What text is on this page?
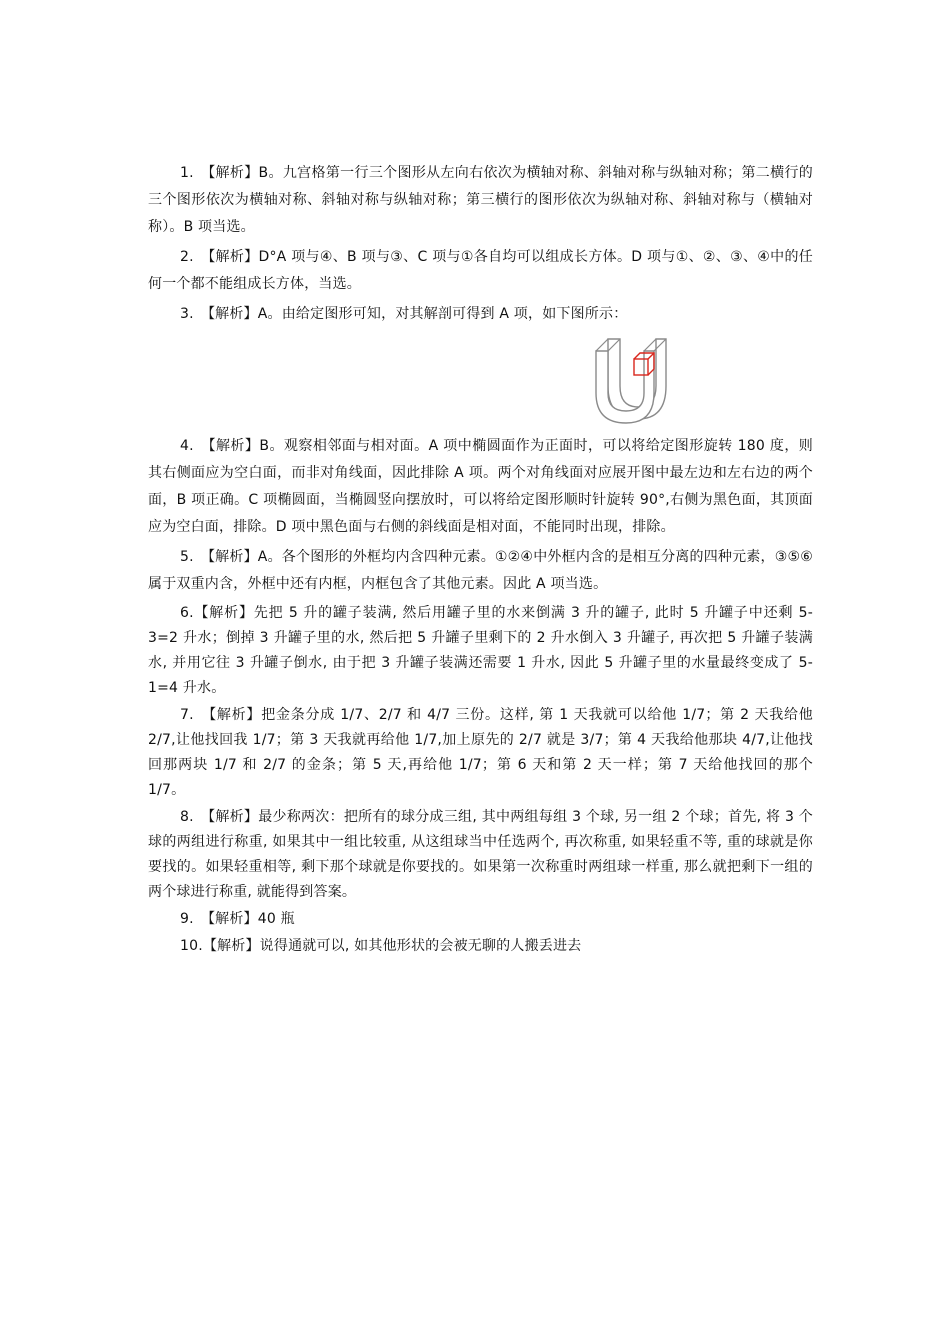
1.　【解析】B。九宫格第一行三个图形从左向右依次为横轴对称、斜轴对称与纵轴对称；第二横行的三个图形依次为横轴对称、斜轴对称与纵轴对称；第三横行的图形依次为纵轴对称、斜轴对称与（横轴对称）。B 项当选。

2.　【解析】D°A 项与④、B 项与③、C 项与①各自均可以组成长方体。D 项与①、②、③、④中的任何一个都不能组成长方体，当选。

3.　【解析】A。由给定图形可知，对其解剖可得到 A 项，如下图所示：

4.　【解析】B。观察相邻面与相对面。A 项中椭圆面作为正面时，可以将给定图形旋转 180 度，则其右侧面应为空白面，而非对角线面，因此排除 A 项。两个对角线面对应展开图中最左边和左右边的两个面，B 项正确。C 项椭圆面，当椭圆竖向摆放时，可以将给定图形顺时针旋转 90°,右侧为黑色面，其顶面应为空白面，排除。D 项中黑色面与右侧的斜线面是相对面，不能同时出现，排除。

5.　【解析】A。各个图形的外框均内含四种元素。①②④中外框内含的是相互分离的四种元素，③⑤⑥属于双重内含，外框中还有内框，内框包含了其他元素。因此 A 项当选。

6.【解析】先把 5 升的罐子装满, 然后用罐子里的水来倒满 3 升的罐子, 此时 5 升罐子中还剩 5-3=2 升水；倒掉 3 升罐子里的水, 然后把 5 升罐子里剩下的 2 升水倒入 3 升罐子, 再次把 5 升罐子装满水, 并用它往 3 升罐子倒水, 由于把 3 升罐子装满还需要 1 升水, 因此 5 升罐子里的水量最终变成了 5-1=4 升水。

7.　【解析】把金条分成 1/7、2/7 和 4/7 三份。这样, 第 1 天我就可以给他 1/7；第 2 天我给他 2/7,让他找回我 1/7；第 3 天我就再给他 1/7,加上原先的 2/7 就是 3/7；第 4 天我给他那块 4/7,让他找回那两块 1/7 和 2/7 的金条；第 5 天,再给他 1/7；第 6 天和第 2 天一样；第 7 天给他找回的那个 1/7。

8.　【解析】最少称两次：把所有的球分成三组, 其中两组每组 3 个球, 另一组 2 个球；首先, 将 3 个球的两组进行称重, 如果其中一组比较重, 从这组球当中任选两个, 再次称重, 如果轻重不等, 重的球就是你要找的。如果轻重相等, 剩下那个球就是你要找的。如果第一次称重时两组球一样重, 那么就把剩下一组的两个球进行称重, 就能得到答案。

9.　【解析】40 瓶

10.【解析】说得通就可以, 如其他形状的会被无聊的人搬丢进去
